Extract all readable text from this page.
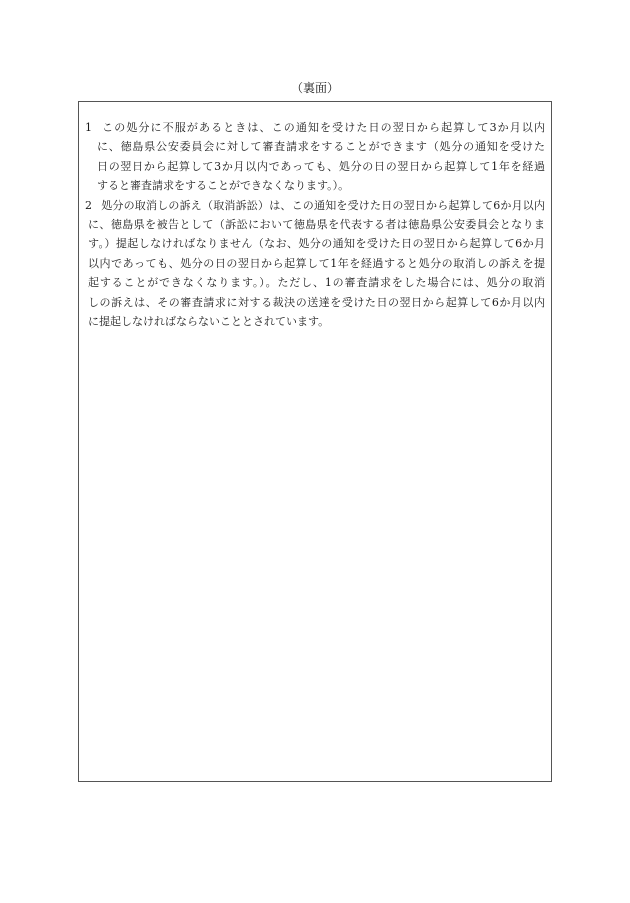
（裏面）
1 この処分に不服があるときは、この通知を受けた日の翌日から起算して3か月以内
に、徳島県公安委員会に対して審査請求をすることができます（処分の通知を受けた
日の翌日から起算して3か月以内であっても、処分の日の翌日から起算して1年を経過
すると審査請求をすることができなくなります。）。
2 処分の取消しの訴え（取消訴訟）は、この通知を受けた日の翌日から起算して6か月以内
に、徳島県を被告として（訴訟において徳島県を代表する者は徳島県公安委員会となりま
す。）提起しなければなりません（なお、処分の通知を受けた日の翌日から起算して6か月
以内であっても、処分の日の翌日から起算して1年を経過すると処分の取消しの訴えを提
起することができなくなります。）。ただし、1の審査請求をした場合には、処分の取消
しの訴えは、その審査請求に対する裁決の送達を受けた日の翌日から起算して6か月以内
に提起しなければならないこととされています。
